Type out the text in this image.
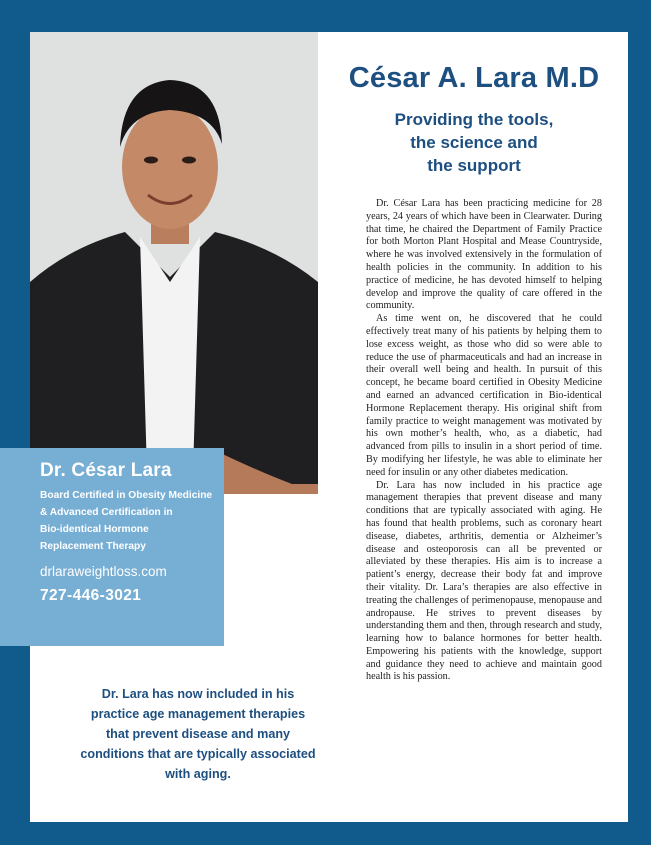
Dr. César Lara

Board Certified in Obesity Medicine
& Advanced Certification in
Bio-identical Hormone
Replacement Therapy

drlaraweightloss.com
727-446-3021
Dr. Lara has now included in his practice age management therapies that prevent disease and many conditions that are typically associated with aging.
César A. Lara M.D
Providing the tools,
the science and
the support

Dr. César Lara has been practicing medicine for 28 years, 24 years of which have been in Clearwater. During that time, he chaired the Department of Family Practice for both Morton Plant Hospital and Mease Countryside, where he was involved extensively in the formulation of health policies in the community. In addition to his practice of medicine, he has devoted himself to helping develop and improve the quality of care offered in the community.

As time went on, he discovered that he could effectively treat many of his patients by helping them to lose excess weight, as those who did so were able to reduce the use of pharmaceuticals and had an increase in their overall well being and health. In pursuit of this concept, he became board certified in Obesity Medicine and earned an advanced certification in Bio-identical Hormone Replacement therapy. His original shift from family practice to weight management was motivated by his own mother’s health, who, as a diabetic, had advanced from pills to insulin in a short period of time. By modifying her lifestyle, he was able to eliminate her need for insulin or any other diabetes medication.

Dr. Lara has now included in his practice age management therapies that prevent disease and many conditions that are typically associated with aging. He has found that health problems, such as coronary heart disease, diabetes, arthritis, dementia or Alzheimer’s disease and osteoporosis can all be prevented or alleviated by these therapies. His aim is to increase a patient’s energy, decrease their body fat and improve their vitality. Dr. Lara’s therapies are also effective in treating the challenges of perimenopause, menopause and andropause. He strives to prevent diseases by understanding them and then, through research and study, learning how to balance hormones for better health. Empowering his patients with the knowledge, support and guidance they need to achieve and maintain good health is his passion.
